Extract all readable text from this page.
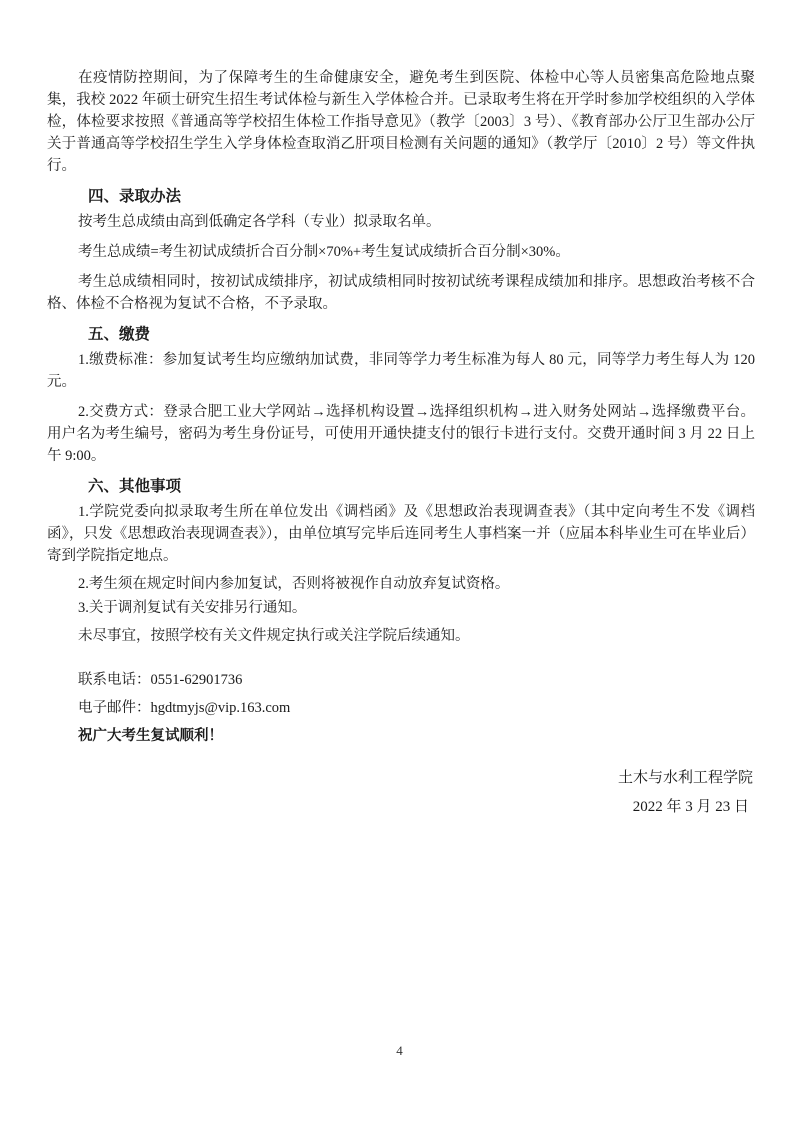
在疫情防控期间，为了保障考生的生命健康安全，避免考生到医院、体检中心等人员密集高危险地点聚集，我校 2022 年硕士研究生招生考试体检与新生入学体检合并。已录取考生将在开学时参加学校组织的入学体检，体检要求按照《普通高等学校招生体检工作指导意见》（教学〔2003〕3 号）、《教育部办公厅卫生部办公厅关于普通高等学校招生学生入学身体检查取消乙肝项目检测有关问题的通知》（教学厅〔2010〕2 号）等文件执行。

四、录取办法

按考生总成绩由高到低确定各学科（专业）拟录取名单。

考生总成绩=考生初试成绩折合百分制×70%+考生复试成绩折合百分制×30%。

考生总成绩相同时，按初试成绩排序，初试成绩相同时按初试统考课程成绩加和排序。思想政治考核不合格、体检不合格视为复试不合格，不予录取。

五、缴费

1.缴费标准：参加复试考生均应缴纳加试费，非同等学力考生标准为每人 80 元，同等学力考生每人为 120 元。

2.交费方式：登录合肥工业大学网站→选择机构设置→选择组织机构→进入财务处网站→选择缴费平台。用户名为考生编号，密码为考生身份证号，可使用开通快捷支付的银行卡进行支付。交费开通时间 3 月 22 日上午 9:00。

六、其他事项

1.学院党委向拟录取考生所在单位发出《调档函》及《思想政治表现调查表》（其中定向考生不发《调档函》，只发《思想政治表现调查表》），由单位填写完毕后连同考生人事档案一并（应届本科毕业生可在毕业后）寄到学院指定地点。

2.考生须在规定时间内参加复试，否则将被视作自动放弃复试资格。

3.关于调剂复试有关安排另行通知。

未尽事宜，按照学校有关文件规定执行或关注学院后续通知。

联系电话：0551-62901736

电子邮件：hgdtmyjs@vip.163.com

祝广大考生复试顺利！

土木与水利工程学院

2022 年 3 月 23 日

4
